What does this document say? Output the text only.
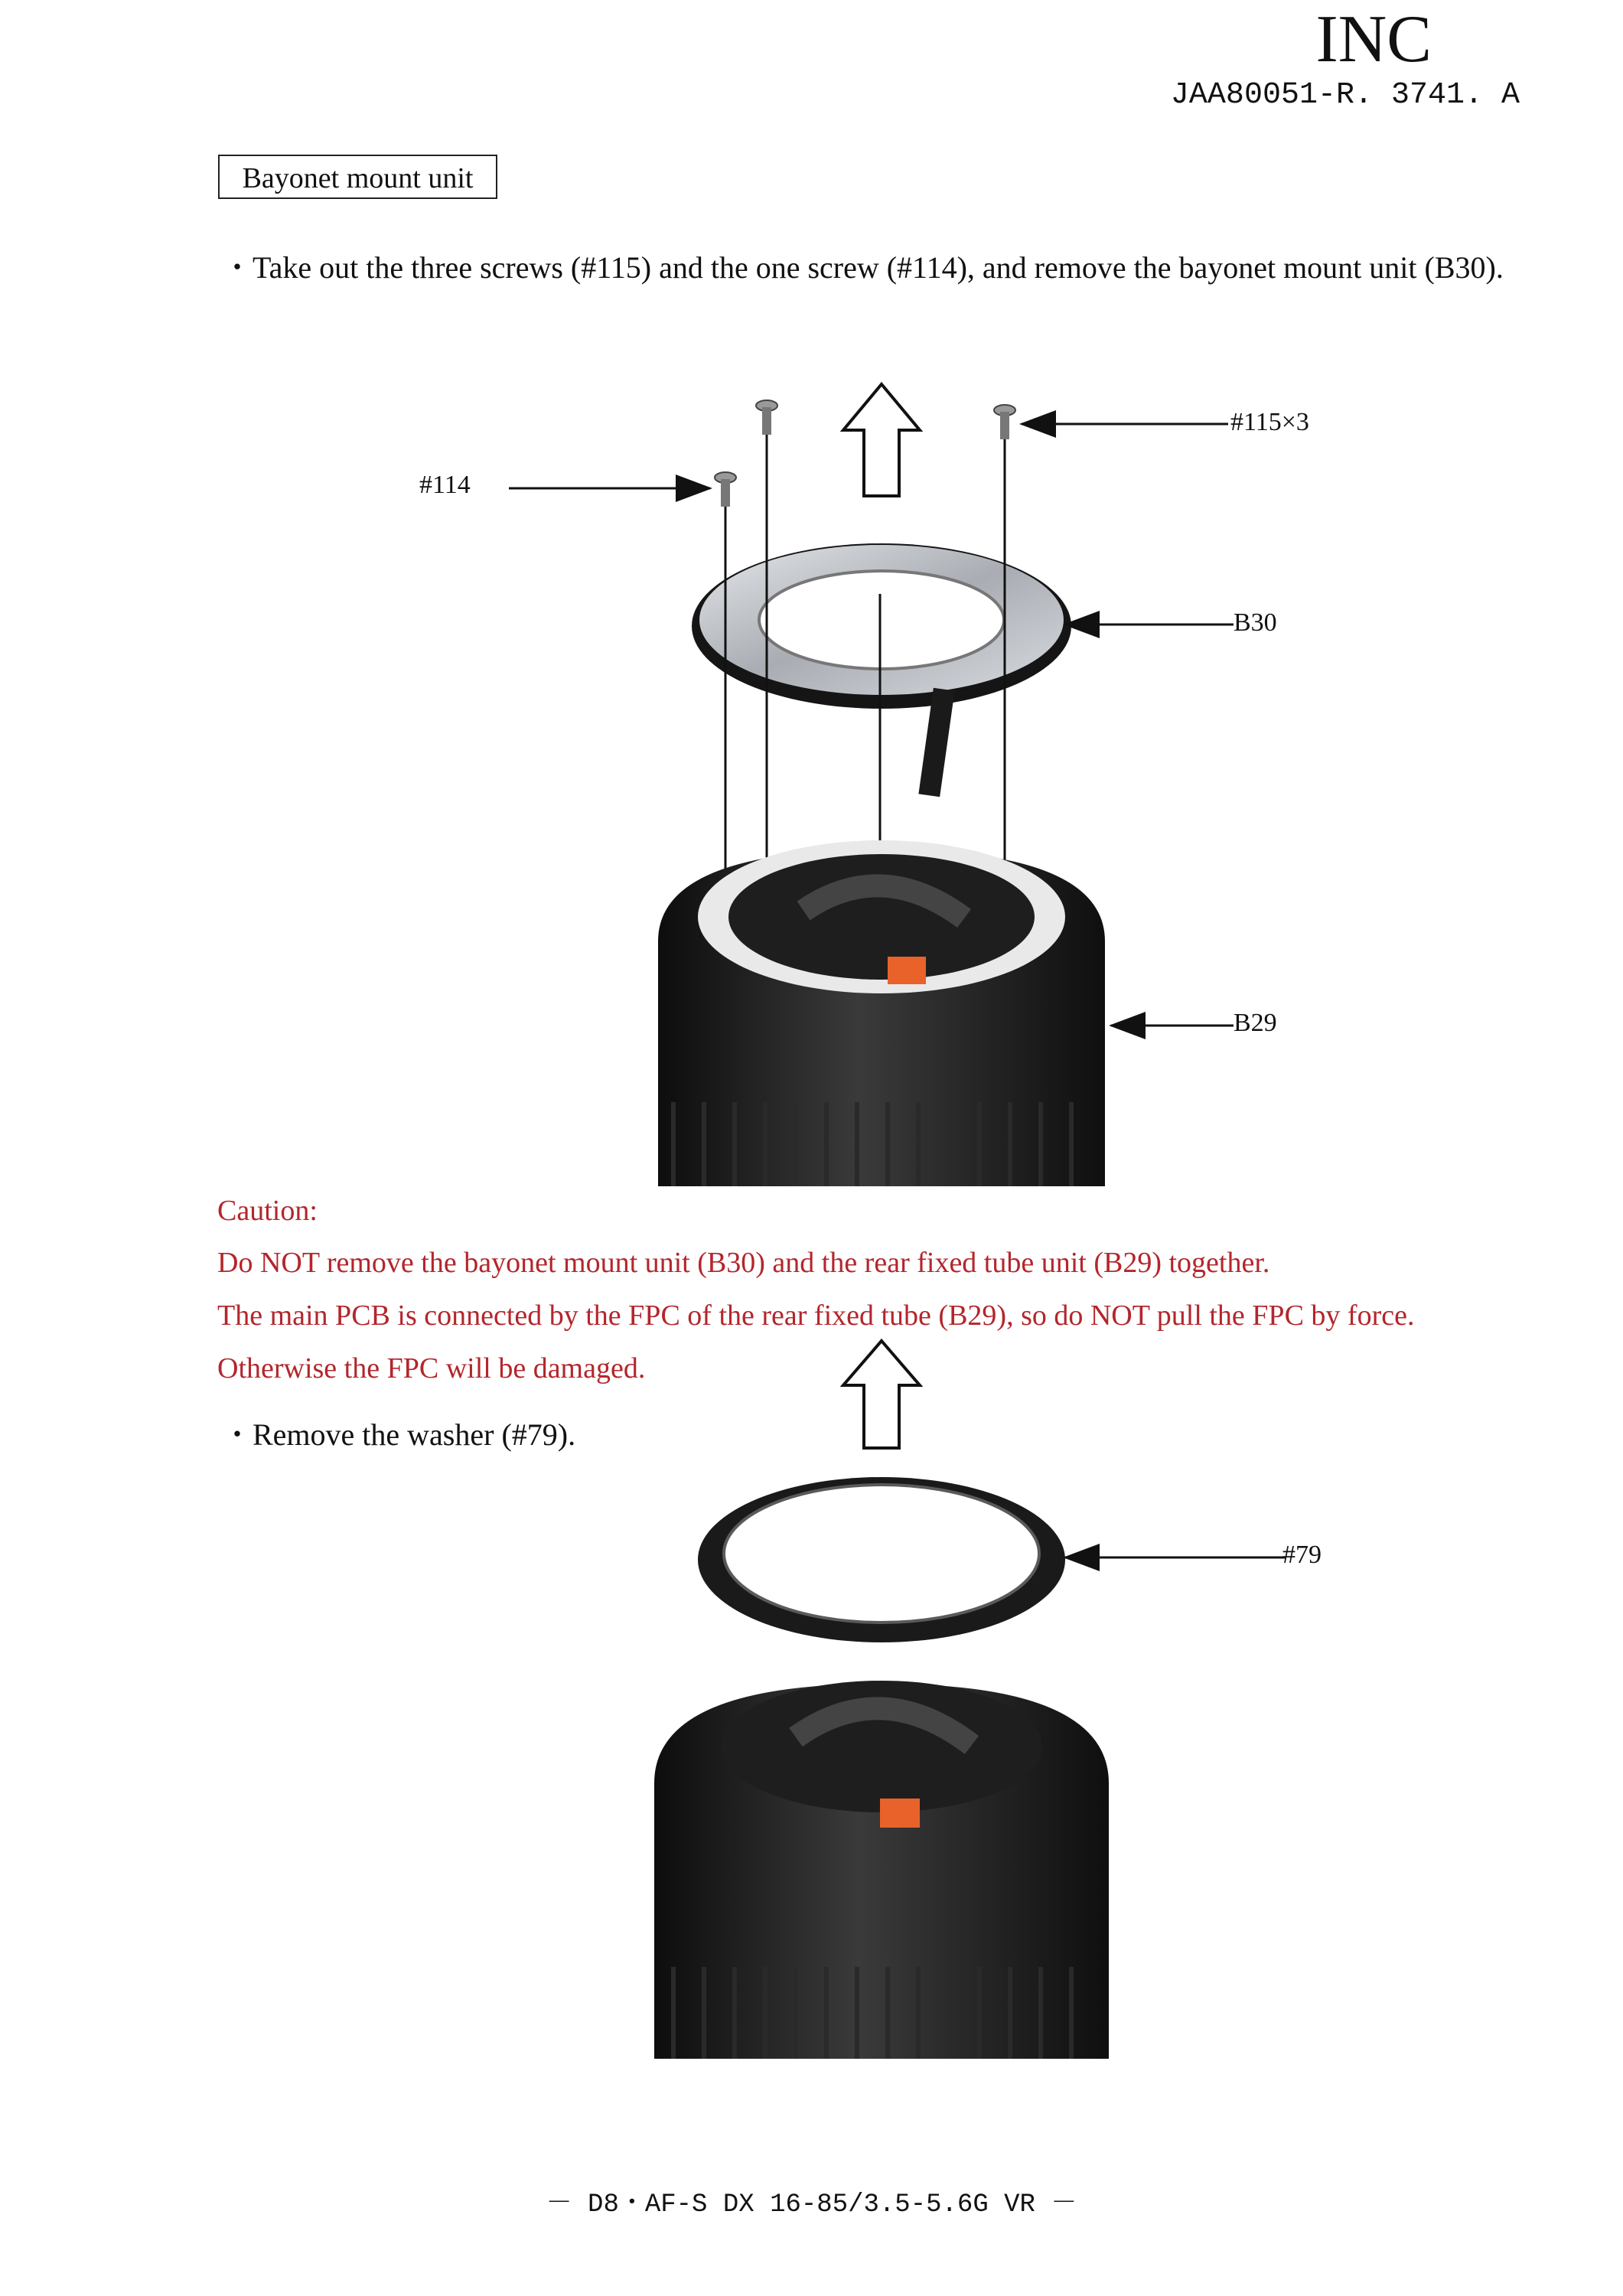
INC
JAA80051-R. 3741. A
Bayonet mount unit
・Take out the three screws (#115) and the one screw (#114), and remove the bayonet mount unit (B30).
#114
#115×3
B30
B29
#79
Caution:
Do NOT remove the bayonet mount unit (B30) and the rear fixed tube unit (B29) together.
The main PCB is connected by the FPC of the rear fixed tube (B29), so do NOT pull the FPC by force.
Otherwise the FPC will be damaged.
・Remove the washer (#79).
－ D8・AF-S DX 16-85/3.5-5.6G VR －
